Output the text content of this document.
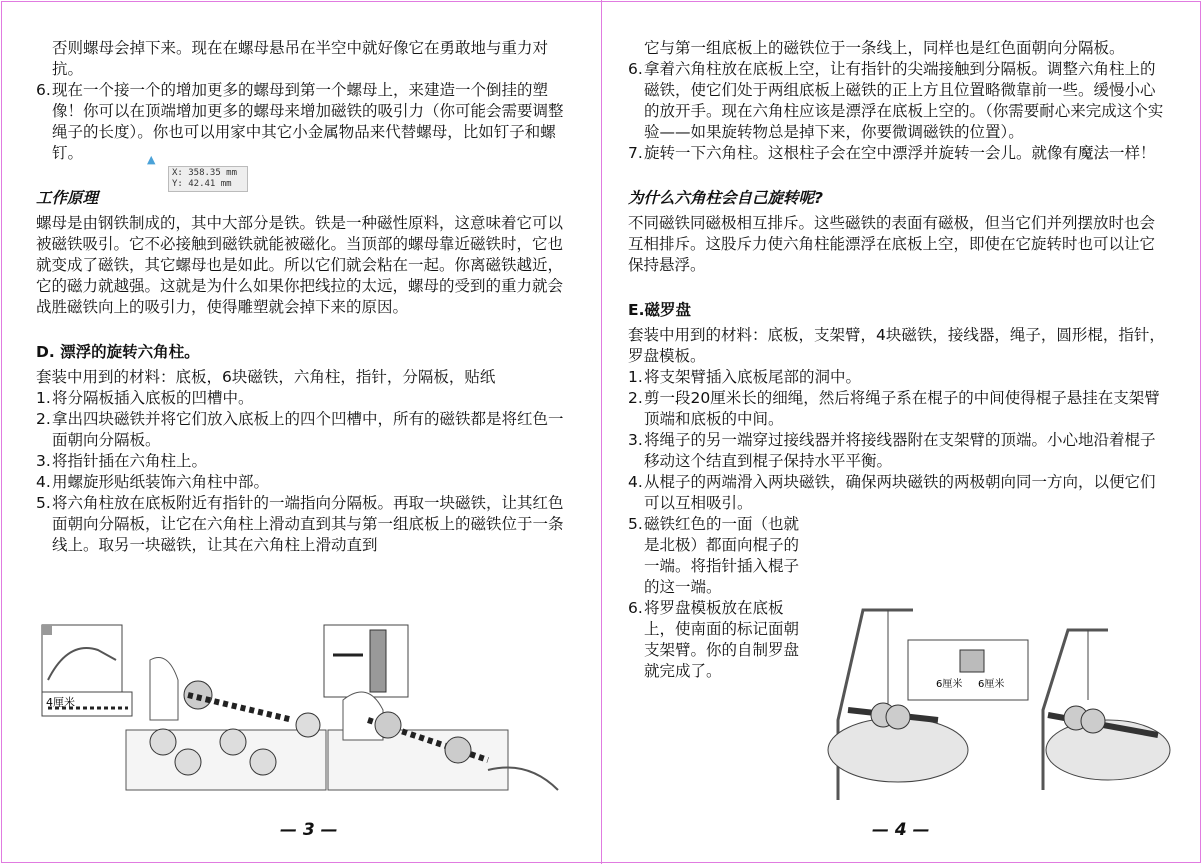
否则螺母会掉下来。现在在螺母悬吊在半空中就好像它在勇敢地与重力对抗。

6. 现在一个接一个的增加更多的螺母到第一个螺母上，来建造一个倒挂的塑像！你可以在顶端增加更多的螺母来增加磁铁的吸引力（你可能会需要调整绳子的长度）。你也可以用家中其它小金属物品来代替螺母，比如钉子和螺钉。
工作原理

螺母是由钢铁制成的，其中大部分是铁。铁是一种磁性原料，这意味着它可以被磁铁吸引。它不必接触到磁铁就能被磁化。当顶部的螺母靠近磁铁时，它也就变成了磁铁，其它螺母也是如此。所以它们就会粘在一起。你离磁铁越近，它的磁力就越强。这就是为什么如果你把线拉的太远，螺母的受到的重力就会战胜磁铁向上的吸引力，使得雕塑就会掉下来的原因。

D. 漂浮的旋转六角柱。

套装中用到的材料：底板，6块磁铁，六角柱，指针，分隔板，贴纸

1. 将分隔板插入底板的凹槽中。
2. 拿出四块磁铁并将它们放入底板上的四个凹槽中，所有的磁铁都是将红色一面朝向分隔板。
3. 将指针插在六角柱上。
4. 用螺旋形贴纸装饰六角柱中部。
5. 将六角柱放在底板附近有指针的一端指向分隔板。再取一块磁铁，让其红色面朝向分隔板，让它在六角柱上滑动直到其与第一组底板上的磁铁位于一条线上。取另一块磁铁，让其在六角柱上滑动直到
▲
X: 358.35 mm
Y: 42.41 mm
4厘米
— 3 —

它与第一组底板上的磁铁位于一条线上，同样也是红色面朝向分隔板。

6. 拿着六角柱放在底板上空，让有指针的尖端接触到分隔板。调整六角柱上的磁铁，使它们处于两组底板上磁铁的正上方且位置略微靠前一些。缓慢小心的放开手。现在六角柱应该是漂浮在底板上空的。（你需要耐心来完成这个实验——如果旋转物总是掉下来，你要微调磁铁的位置）。
7. 旋转一下六角柱。这根柱子会在空中漂浮并旋转一会儿。就像有魔法一样！
为什么六角柱会自己旋转呢?

不同磁铁同磁极相互排斥。这些磁铁的表面有磁极，但当它们并列摆放时也会互相排斥。这股斥力使六角柱能漂浮在底板上空，即使在它旋转时也可以让它保持悬浮。

E.磁罗盘

套装中用到的材料：底板，支架臂，4块磁铁，接线器，绳子，圆形棍，指针，罗盘模板。

1. 将支架臂插入底板尾部的洞中。
2. 剪一段20厘米长的细绳，然后将绳子系在棍子的中间使得棍子悬挂在支架臂顶端和底板的中间。
3. 将绳子的另一端穿过接线器并将接线器附在支架臂的顶端。小心地沿着棍子移动这个结直到棍子保持水平平衡。
4. 从棍子的两端滑入两块磁铁，确保两块磁铁的两极朝向同一方向，以便它们可以互相吸引。
5. 磁铁红色的一面（也就是北极）都面向棍子的一端。将指针插入棍子的这一端。
6. 将罗盘模板放在底板上，使南面的标记面朝支架臂。你的自制罗盘就完成了。
6厘米 6厘米
— 4 —
